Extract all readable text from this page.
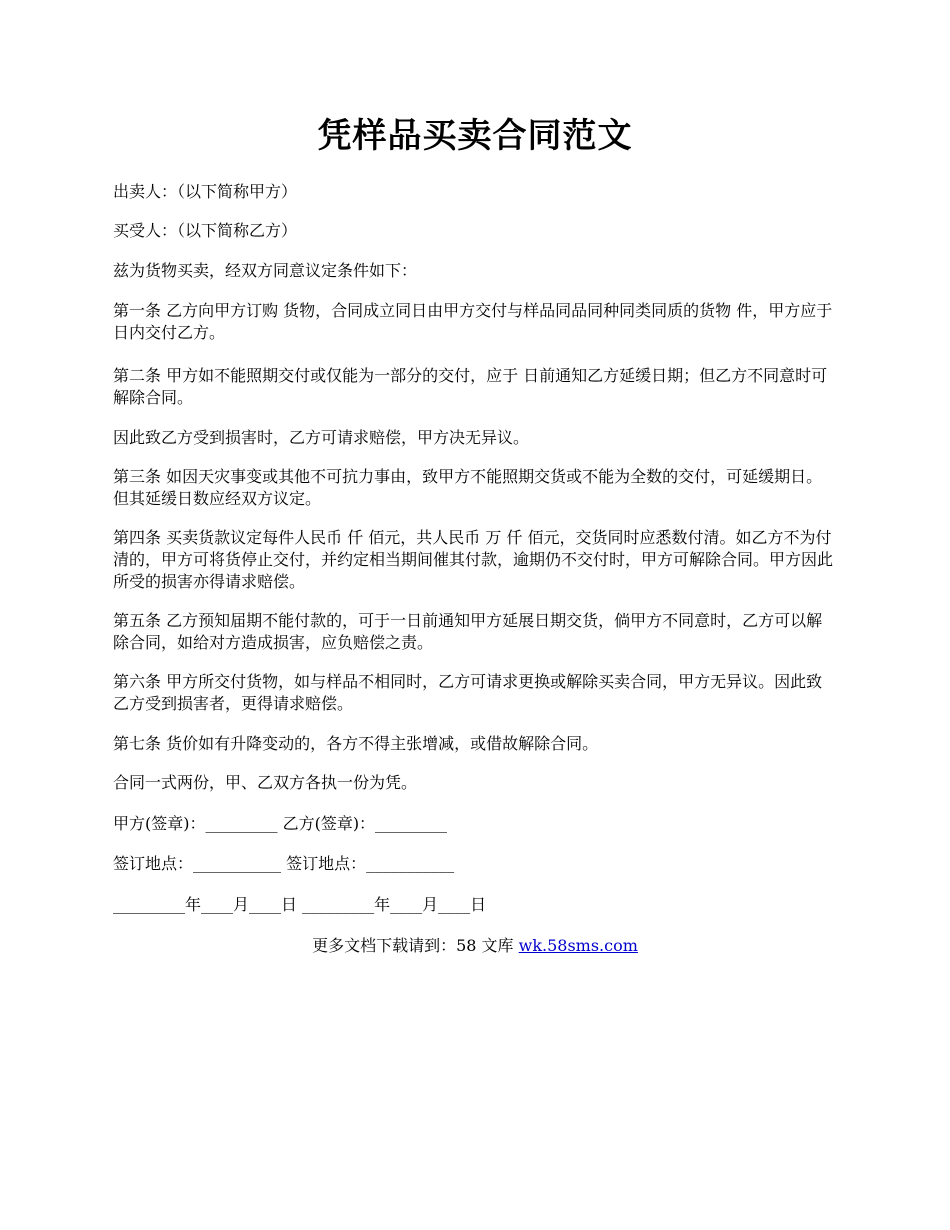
凭样品买卖合同范文

出卖人：（以下简称甲方）

买受人：（以下简称乙方）

兹为货物买卖，经双方同意议定条件如下：

第一条 乙方向甲方订购 货物，合同成立同日由甲方交付与样品同品同种同类同质的货物 件，甲方应于 日内交付乙方。

第二条 甲方如不能照期交付或仅能为一部分的交付，应于 日前通知乙方延缓日期；但乙方不同意时可解除合同。

因此致乙方受到损害时，乙方可请求赔偿，甲方决无异议。

第三条 如因天灾事变或其他不可抗力事由，致甲方不能照期交货或不能为全数的交付，可延缓期日。但其延缓日数应经双方议定。

第四条 买卖货款议定每件人民币 仟 佰元，共人民币 万 仟 佰元，交货同时应悉数付清。如乙方不为付清的，甲方可将货停止交付，并约定相当期间催其付款，逾期仍不交付时，甲方可解除合同。甲方因此所受的损害亦得请求赔偿。

第五条 乙方预知届期不能付款的，可于一日前通知甲方延展日期交货，倘甲方不同意时，乙方可以解除合同，如给对方造成损害，应负赔偿之责。

第六条 甲方所交付货物，如与样品不相同时，乙方可请求更换或解除买卖合同，甲方无异议。因此致乙方受到损害者，更得请求赔偿。

第七条 货价如有升降变动的，各方不得主张增减，或借故解除合同。

合同一式两份，甲、乙双方各执一份为凭。

甲方(签章)：_________ 乙方(签章)：_________

签订地点：___________ 签订地点：___________

_________年____月____日 _________年____月____日

更多文档下载请到：58 文库 wk.58sms.com
